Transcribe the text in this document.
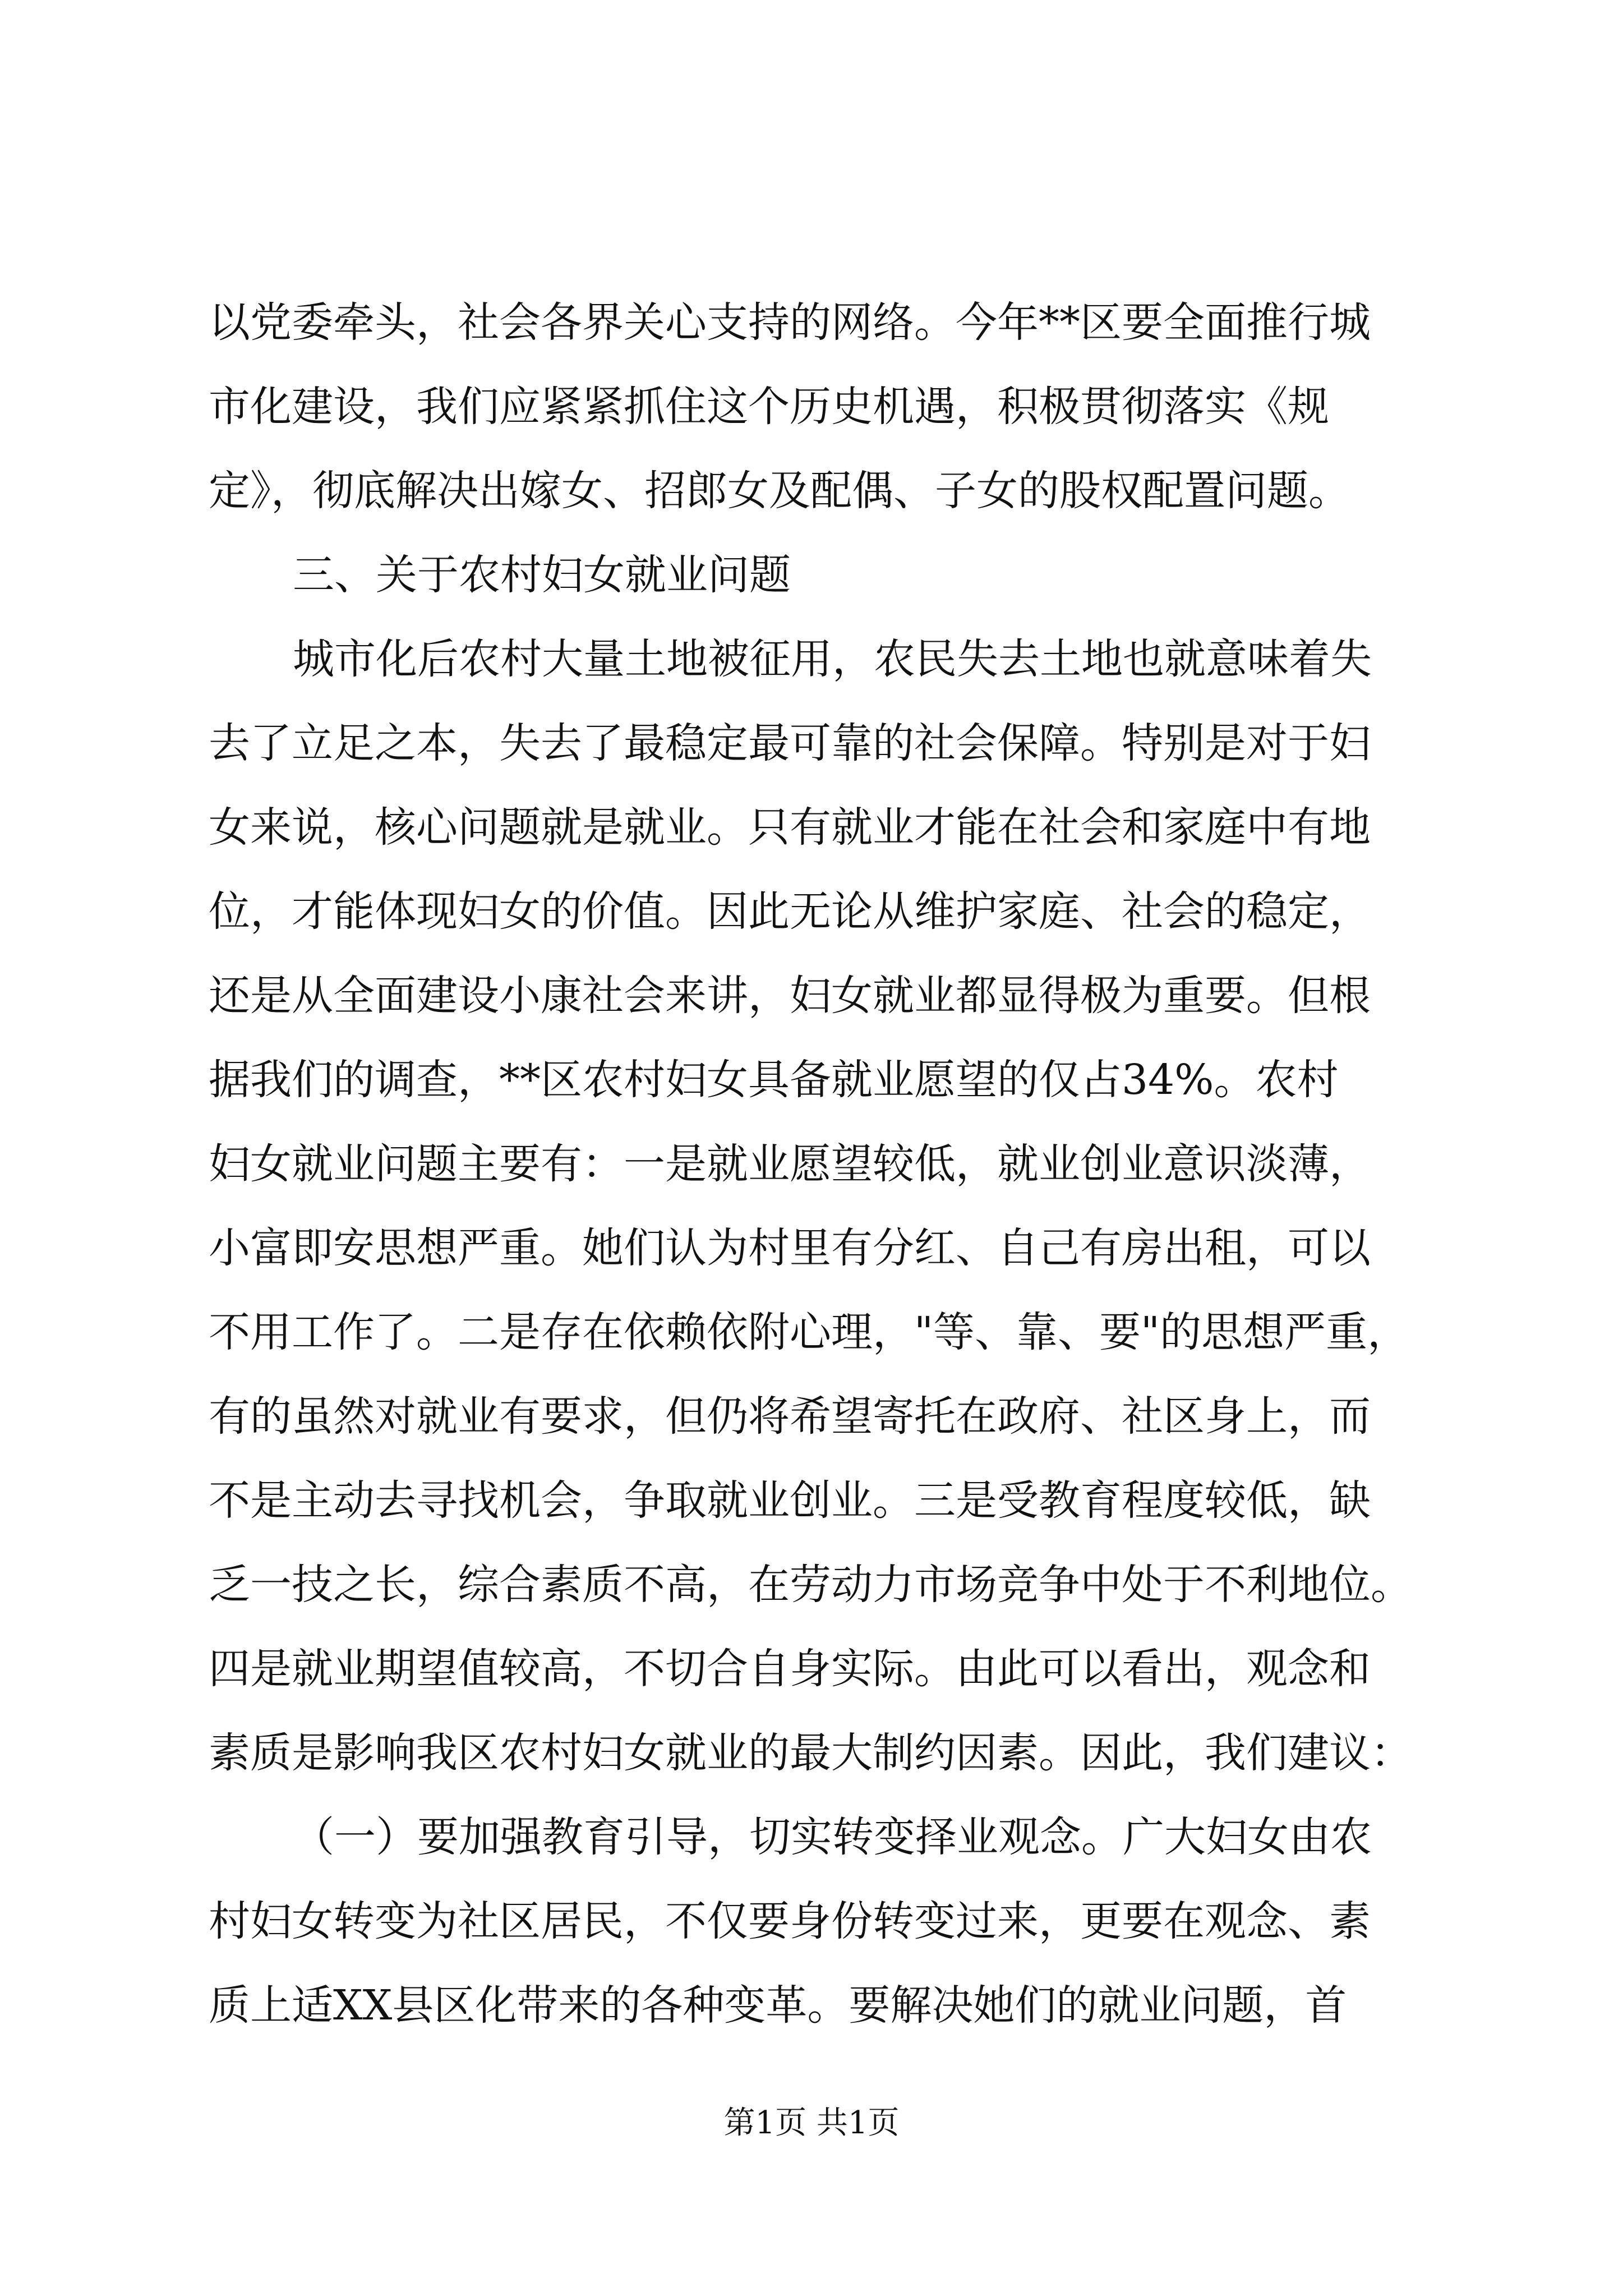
以党委牵头，社会各界关心支持的网络。今年**区要全面推行城
市化建设，我们应紧紧抓住这个历史机遇，积极贯彻落实《规
定》，彻底解决出嫁女、招郎女及配偶、子女的股权配置问题。
三、关于农村妇女就业问题
城市化后农村大量土地被征用，农民失去土地也就意味着失
去了立足之本，失去了最稳定最可靠的社会保障。特别是对于妇
女来说，核心问题就是就业。只有就业才能在社会和家庭中有地
位，才能体现妇女的价值。因此无论从维护家庭、社会的稳定，
还是从全面建设小康社会来讲，妇女就业都显得极为重要。但根
据我们的调查，**区农村妇女具备就业愿望的仅占34%。农村
妇女就业问题主要有：一是就业愿望较低，就业创业意识淡薄，
小富即安思想严重。她们认为村里有分红、自己有房出租，可以
不用工作了。二是存在依赖依附心理，"等、靠、要"的思想严重，
有的虽然对就业有要求，但仍将希望寄托在政府、社区身上，而
不是主动去寻找机会，争取就业创业。三是受教育程度较低，缺
乏一技之长，综合素质不高，在劳动力市场竞争中处于不利地位。
四是就业期望值较高，不切合自身实际。由此可以看出，观念和
素质是影响我区农村妇女就业的最大制约因素。因此，我们建议：
（一）要加强教育引导，切实转变择业观念。广大妇女由农
村妇女转变为社区居民，不仅要身份转变过来，更要在观念、素
质上适XX县区化带来的各种变革。要解决她们的就业问题，首
第1页 共1页
